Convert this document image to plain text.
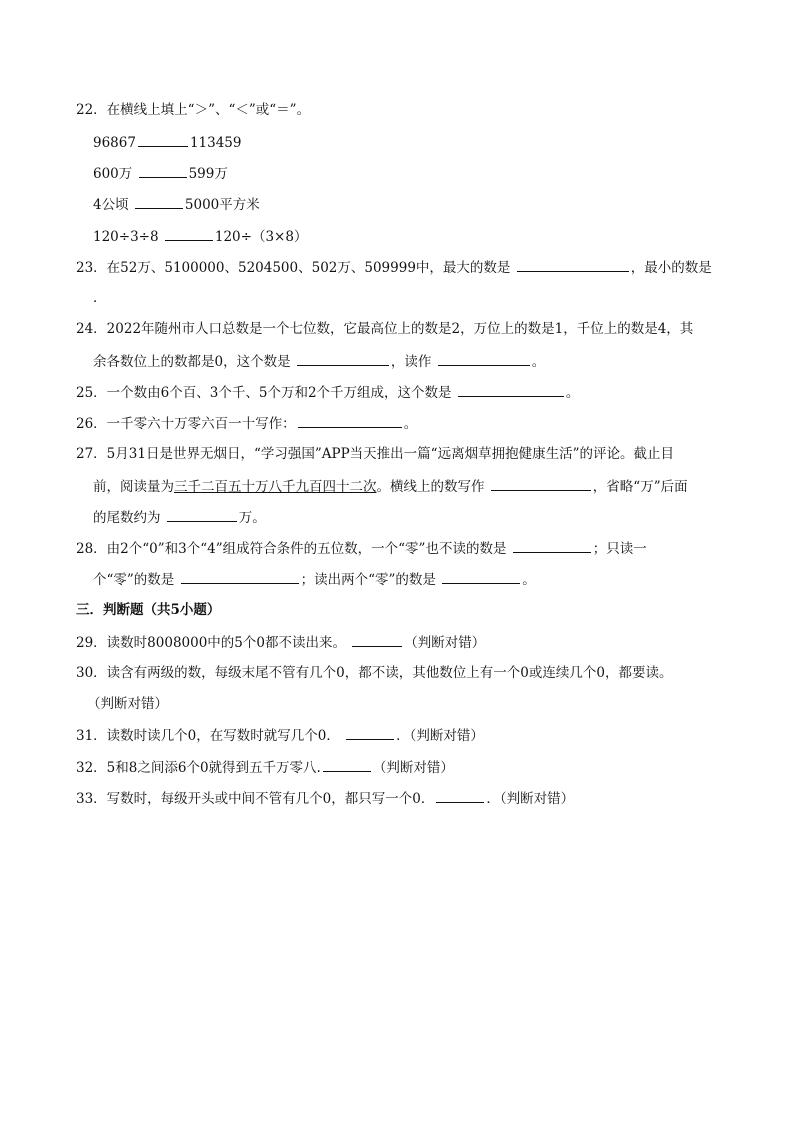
22．在横线上填上“＞”、“＜”或“＝”。
96867	113459
600万	599万
4公顷	5000平方米
120÷3÷8	120÷（3×8）
23．在52万、5100000、5204500、502万、509999中，最大的数是	，最小的数是
．
24．2022年随州市人口总数是一个七位数，它最高位上的数是2，万位上的数是1，千位上的数是4，其
余各数位上的数都是0，这个数是	，读作	。
25．一个数由6个百、3个千、5个万和2个千万组成，这个数是	。
26．一千零六十万零六百一十写作：	。
27．5月31日是世界无烟日，“学习强国”APP当天推出一篇“远离烟草拥抱健康生活”的评论。截止目
前，阅读量为三千二百五十万八千九百四十二次。横线上的数写作	，省略“万”后面
的尾数约为	万。
28．由2个“0”和3个“4”组成符合条件的五位数，一个“零”也不读的数是	；只读一
个“零”的数是	；读出两个“零”的数是	。
三．判断题（共5小题）
29．读数时8008000中的5个0都不读出来。	（判断对错）
30．读含有两级的数，每级末尾不管有几个0，都不读，其他数位上有一个0或连续几个0，都要读。
（判断对错）
31．读数时读几个0，在写数时就写几个0．	．（判断对错）
32．5和8之间添6个0就得到五千万零八.	（判断对错）
33．写数时，每级开头或中间不管有几个0，都只写一个0．	．（判断对错）
